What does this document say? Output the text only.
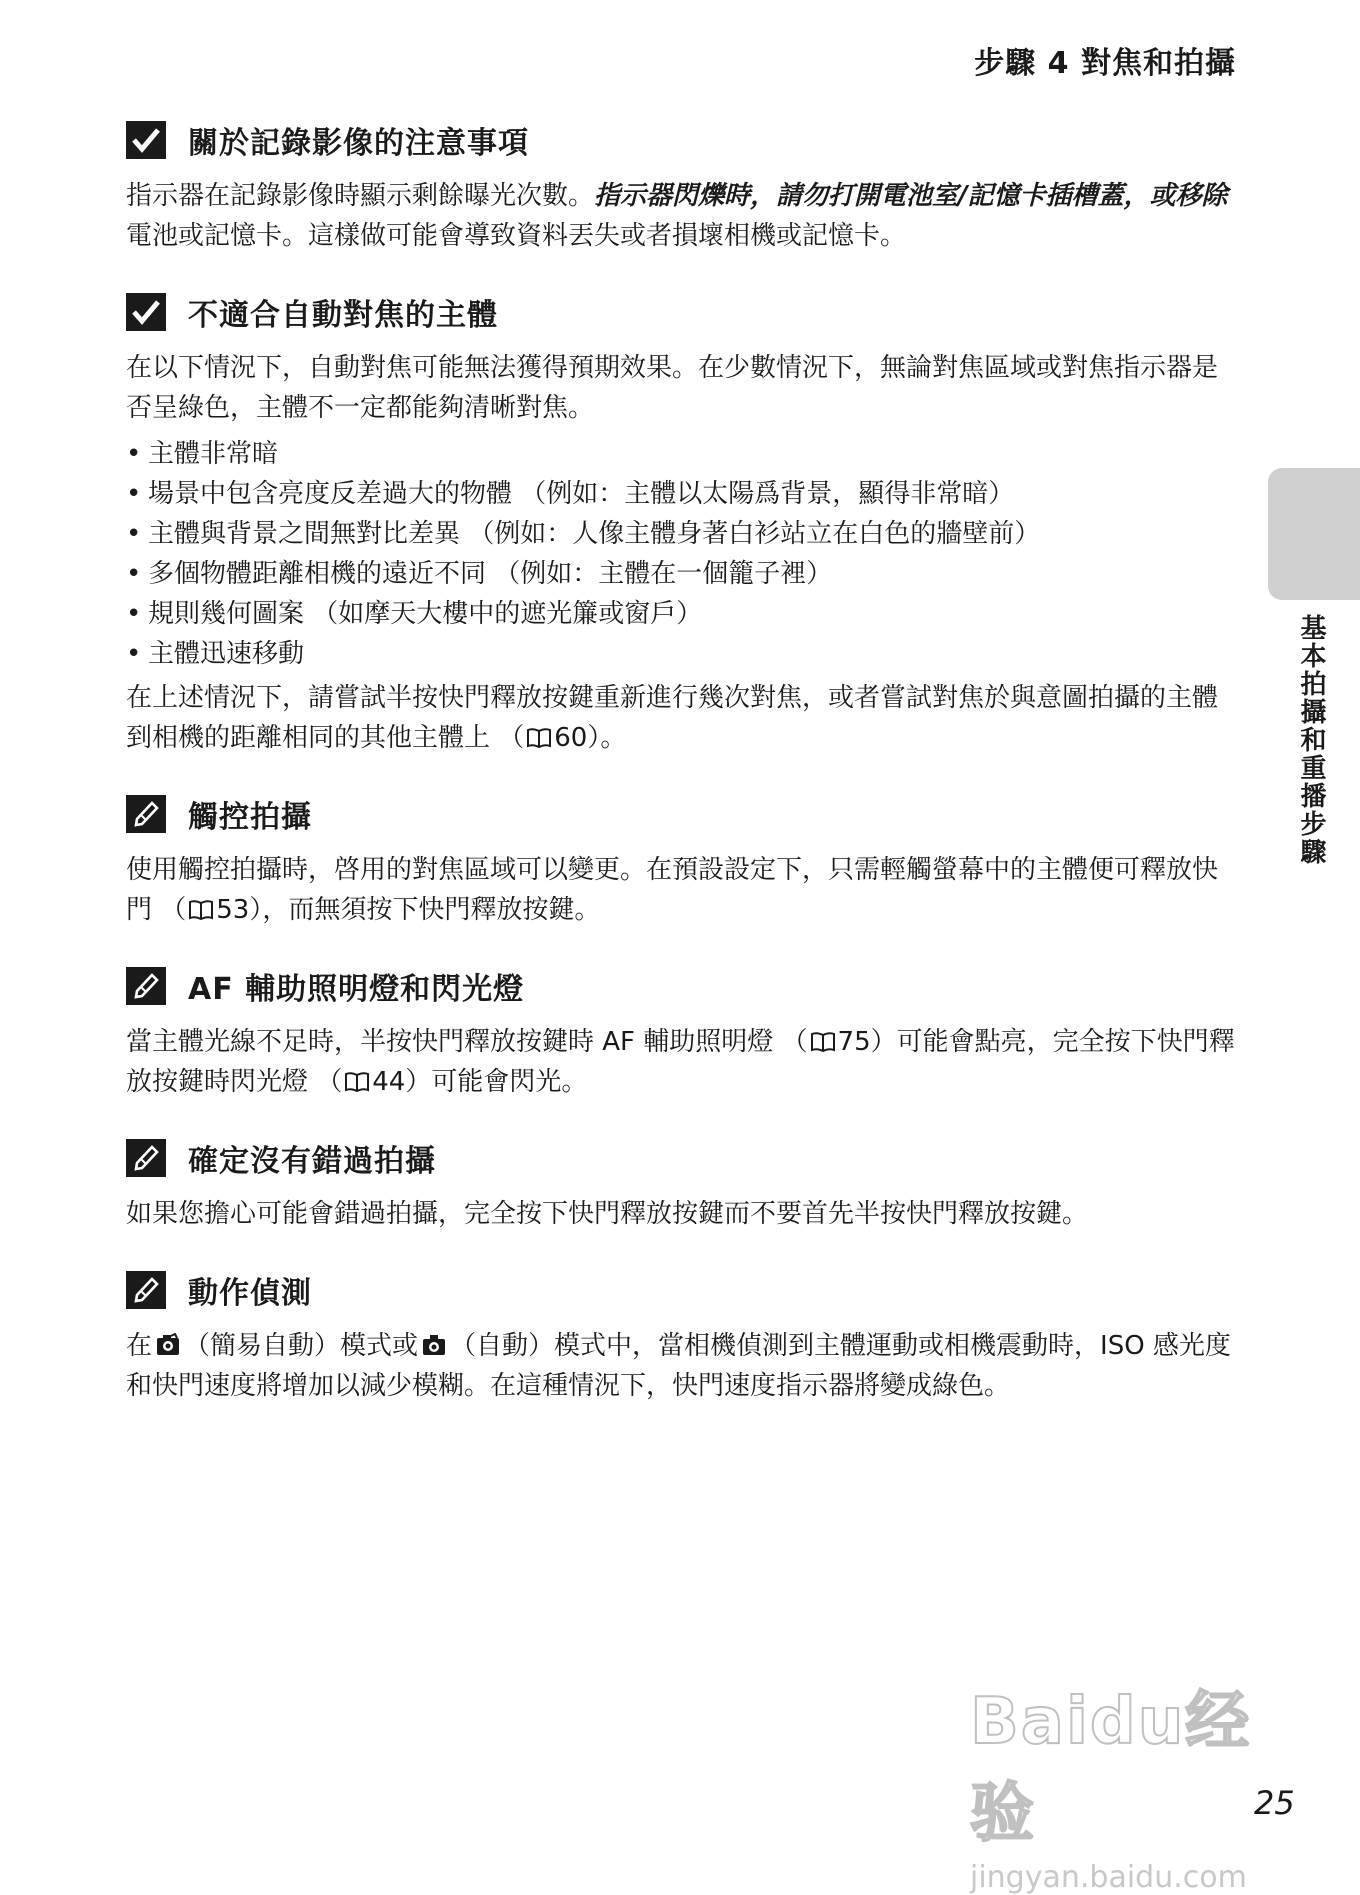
步驟 4 對焦和拍攝
關於記錄影像的注意事項

指示器在記錄影像時顯示剩餘曝光次數。指示器閃爍時，請勿打開電池室/記憶卡插槽蓋，或移除電池或記憶卡。這樣做可能會導致資料丟失或者損壞相機或記憶卡。

不適合自動對焦的主體

在以下情況下，自動對焦可能無法獲得預期效果。在少數情況下，無論對焦區域或對焦指示器是否呈綠色，主體不一定都能夠清晰對焦。

• 主體非常暗
• 場景中包含亮度反差過大的物體 （例如：主體以太陽爲背景，顯得非常暗）
• 主體與背景之間無對比差異 （例如：人像主體身著白衫站立在白色的牆壁前）
• 多個物體距離相機的遠近不同 （例如：主體在一個籠子裡）
• 規則幾何圖案 （如摩天大樓中的遮光簾或窗戶）
• 主體迅速移動

在上述情況下，請嘗試半按快門釋放按鍵重新進行幾次對焦，或者嘗試對焦於與意圖拍攝的主體到相機的距離相同的其他主體上 （ 60）。

觸控拍攝

使用觸控拍攝時，啓用的對焦區域可以變更。在預設設定下，只需輕觸螢幕中的主體便可釋放快門 （ 53），而無須按下快門釋放按鍵。

AF 輔助照明燈和閃光燈

當主體光線不足時，半按快門釋放按鍵時 AF 輔助照明燈 （ 75）可能會點亮，完全按下快門釋放按鍵時閃光燈 （ 44）可能會閃光。

確定沒有錯過拍攝

如果您擔心可能會錯過拍攝，完全按下快門釋放按鍵而不要首先半按快門釋放按鍵。

動作偵測

在 （簡易自動）模式或 （自動）模式中，當相機偵測到主體運動或相機震動時，ISO 感光度和快門速度將增加以減少模糊。在這種情況下，快門速度指示器將變成綠色。

基本拍攝和重播步驟
Baidu经验
jingyan.baidu.com
25
